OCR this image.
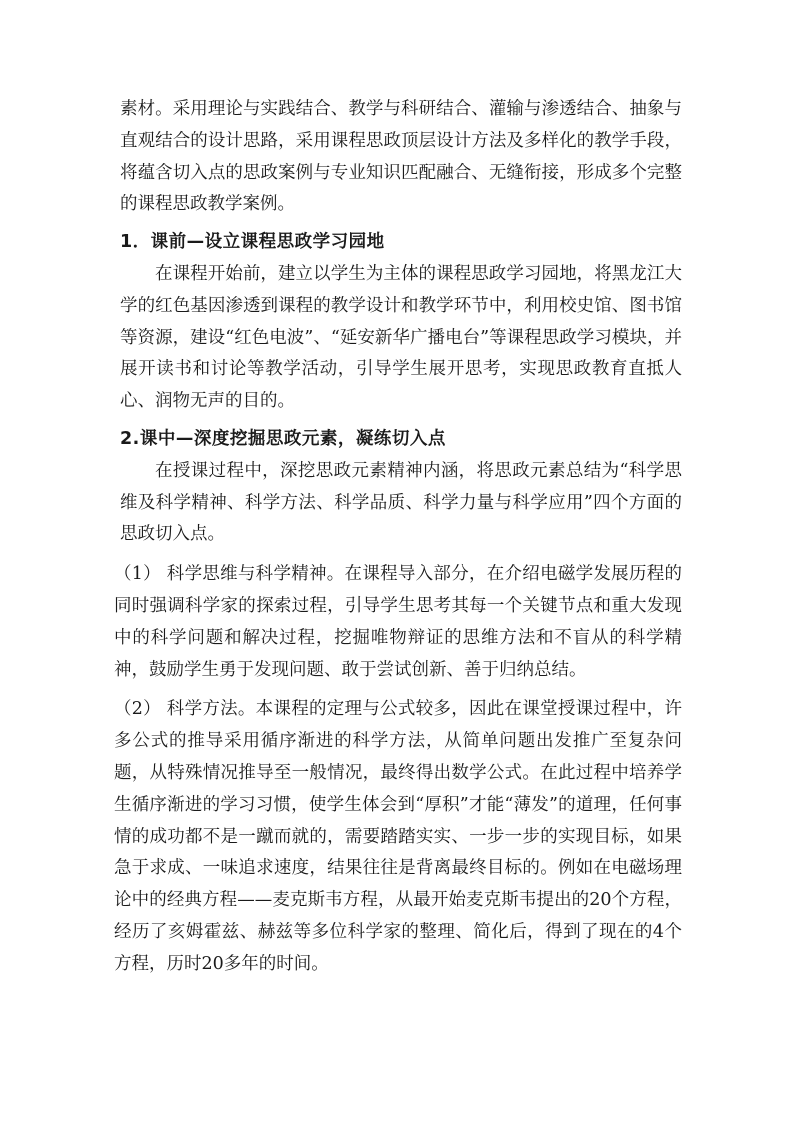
素材。采用理论与实践结合、教学与科研结合、灌输与渗透结合、抽象与直观结合的设计思路，采用课程思政顶层设计方法及多样化的教学手段，将蕴含切入点的思政案例与专业知识匹配融合、无缝衔接，形成多个完整的课程思政教学案例。

1．课前—设立课程思政学习园地

在课程开始前，建立以学生为主体的课程思政学习园地，将黑龙江大学的红色基因渗透到课程的教学设计和教学环节中，利用校史馆、图书馆等资源，建设“红色电波”、“延安新华广播电台”等课程思政学习模块，并展开读书和讨论等教学活动，引导学生展开思考，实现思政教育直抵人心、润物无声的目的。

2.课中—深度挖掘思政元素，凝练切入点

在授课过程中，深挖思政元素精神内涵，将思政元素总结为“科学思维及科学精神、科学方法、科学品质、科学力量与科学应用”四个方面的思政切入点。

（1） 科学思维与科学精神。在课程导入部分，在介绍电磁学发展历程的同时强调科学家的探索过程，引导学生思考其每一个关键节点和重大发现中的科学问题和解决过程，挖掘唯物辩证的思维方法和不盲从的科学精神，鼓励学生勇于发现问题、敢于尝试创新、善于归纳总结。

（2） 科学方法。本课程的定理与公式较多，因此在课堂授课过程中，许多公式的推导采用循序渐进的科学方法，从简单问题出发推广至复杂问题，从特殊情况推导至一般情况，最终得出数学公式。在此过程中培养学生循序渐进的学习习惯，使学生体会到“厚积”才能“薄发”的道理，任何事情的成功都不是一蹴而就的，需要踏踏实实、一步一步的实现目标，如果急于求成、一味追求速度，结果往往是背离最终目标的。例如在电磁场理论中的经典方程——麦克斯韦方程，从最开始麦克斯韦提出的20个方程，经历了亥姆霍兹、赫兹等多位科学家的整理、简化后，得到了现在的4个方程，历时20多年的时间。
